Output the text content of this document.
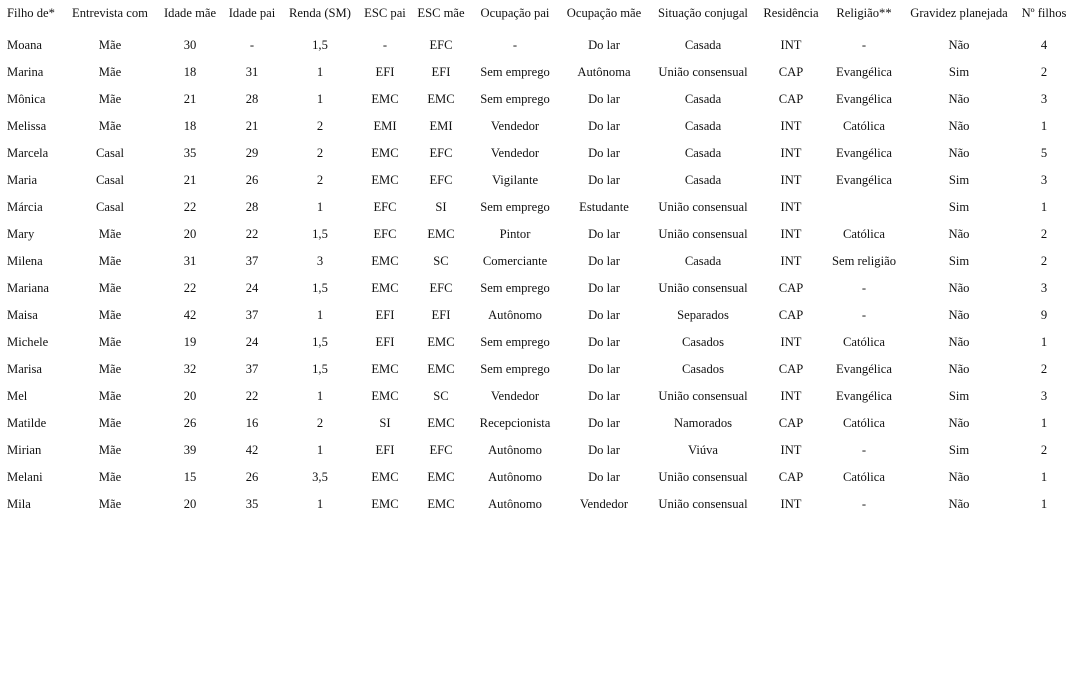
Filho de*	Entrevista com	Idade mãe	Idade pai	Renda (SM)	ESC pai	ESC mãe	Ocupação pai	Ocupação mãe	Situação conjugal	Residência	Religião**	Gravidez planejada	Nº filhos
Moana	Mãe	30	-	1,5	-	EFC	-	Do lar	Casada	INT	-	Não	4
Marina	Mãe	18	31	1	EFI	EFI	Sem emprego	Autônoma	União consensual	CAP	Evangélica	Sim	2
Mônica	Mãe	21	28	1	EMC	EMC	Sem emprego	Do lar	Casada	CAP	Evangélica	Não	3
Melissa	Mãe	18	21	2	EMI	EMI	Vendedor	Do lar	Casada	INT	Católica	Não	1
Marcela	Casal	35	29	2	EMC	EFC	Vendedor	Do lar	Casada	INT	Evangélica	Não	5
Maria	Casal	21	26	2	EMC	EFC	Vigilante	Do lar	Casada	INT	Evangélica	Sim	3
Márcia	Casal	22	28	1	EFC	SI	Sem emprego	Estudante	União consensual	INT		Sim	1
Mary	Mãe	20	22	1,5	EFC	EMC	Pintor	Do lar	União consensual	INT	Católica	Não	2
Milena	Mãe	31	37	3	EMC	SC	Comerciante	Do lar	Casada	INT	Sem religião	Sim	2
Mariana	Mãe	22	24	1,5	EMC	EFC	Sem emprego	Do lar	União consensual	CAP	-	Não	3
Maisa	Mãe	42	37	1	EFI	EFI	Autônomo	Do lar	Separados	CAP	-	Não	9
Michele	Mãe	19	24	1,5	EFI	EMC	Sem emprego	Do lar	Casados	INT	Católica	Não	1
Marisa	Mãe	32	37	1,5	EMC	EMC	Sem emprego	Do lar	Casados	CAP	Evangélica	Não	2
Mel	Mãe	20	22	1	EMC	SC	Vendedor	Do lar	União consensual	INT	Evangélica	Sim	3
Matilde	Mãe	26	16	2	SI	EMC	Recepcionista	Do lar	Namorados	CAP	Católica	Não	1
Mirian	Mãe	39	42	1	EFI	EFC	Autônomo	Do lar	Viúva	INT	-	Sim	2
Melani	Mãe	15	26	3,5	EMC	EMC	Autônomo	Do lar	União consensual	CAP	Católica	Não	1
Mila	Mãe	20	35	1	EMC	EMC	Autônomo	Vendedor	União consensual	INT	-	Não	1
